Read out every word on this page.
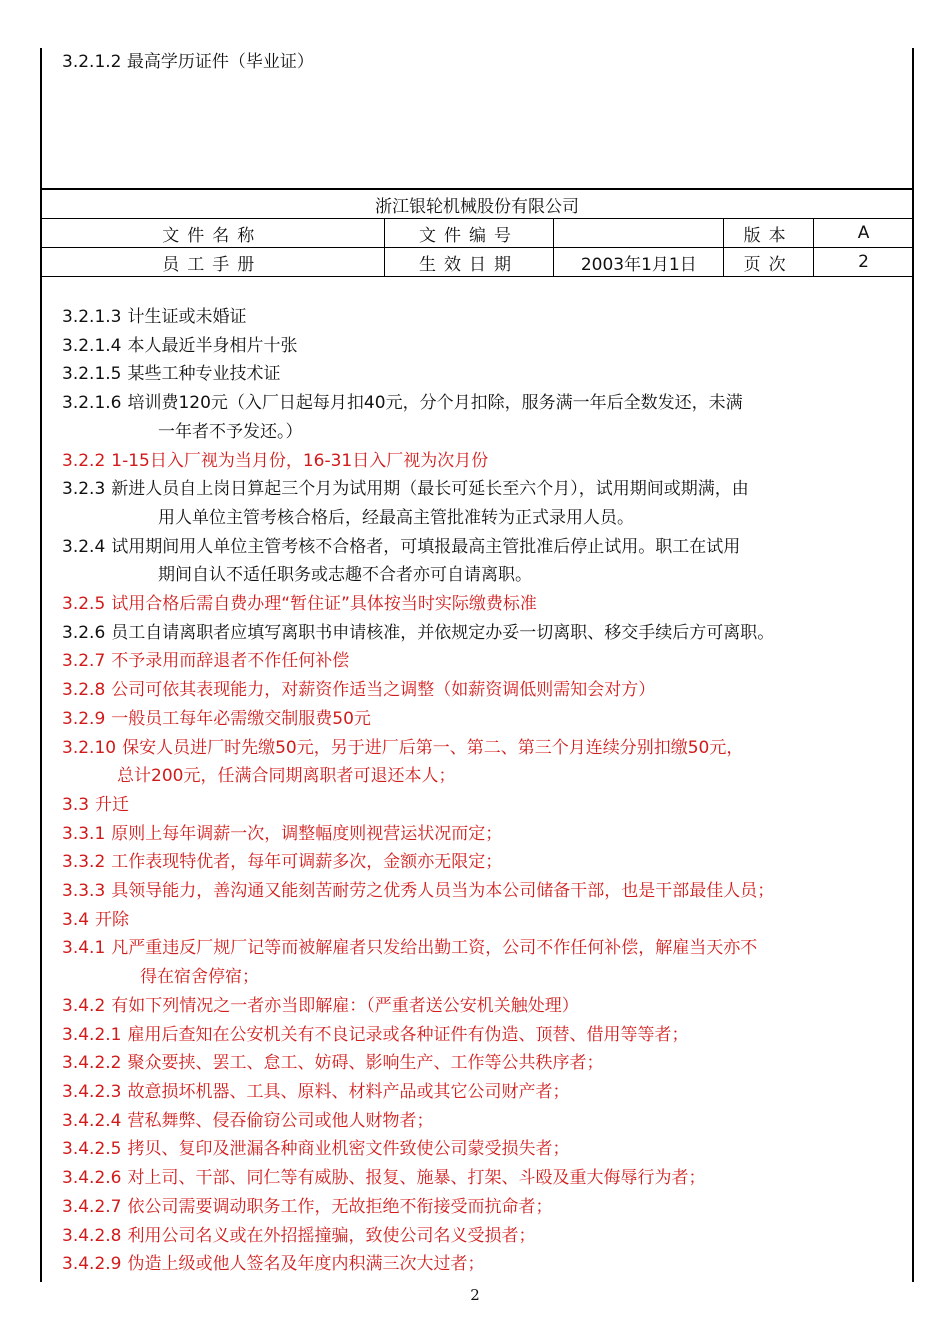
3.2.1.2 最高学历证件（毕业证）
浙江银轮机械股份有限公司				
文件名称	文件编号		版本	A
员工手册	生效日期	2003年1月1日	页次	2
3.2.1.3 计生证或未婚证
3.2.1.4 本人最近半身相片十张
3.2.1.5 某些工种专业技术证
3.2.1.6 培训费120元（入厂日起每月扣40元，分个月扣除，服务满一年后全数发还，未满
一年者不予发还。）
3.2.2 1-15日入厂视为当月份，16-31日入厂视为次月份
3.2.3 新进人员自上岗日算起三个月为试用期（最长可延长至六个月），试用期间或期满，由
用人单位主管考核合格后，经最高主管批准转为正式录用人员。
3.2.4 试用期间用人单位主管考核不合格者，可填报最高主管批准后停止试用。职工在试用
期间自认不适任职务或志趣不合者亦可自请离职。
3.2.5 试用合格后需自费办理“暂住证”具体按当时实际缴费标准
3.2.6 员工自请离职者应填写离职书申请核准，并依规定办妥一切离职、移交手续后方可离职。
3.2.7 不予录用而辞退者不作任何补偿
3.2.8 公司可依其表现能力，对薪资作适当之调整（如薪资调低则需知会对方）
3.2.9 一般员工每年必需缴交制服费50元
3.2.10 保安人员进厂时先缴50元，另于进厂后第一、第二、第三个月连续分别扣缴50元，
总计200元，任满合同期离职者可退还本人；
3.3 升迁
3.3.1 原则上每年调薪一次，调整幅度则视营运状况而定；
3.3.2 工作表现特优者，每年可调薪多次，金额亦无限定；
3.3.3 具领导能力，善沟通又能刻苦耐劳之优秀人员当为本公司储备干部，也是干部最佳人员；
3.4 开除
3.4.1 凡严重违反厂规厂记等而被解雇者只发给出勤工资，公司不作任何补偿，解雇当天亦不
得在宿舍停宿；
3.4.2 有如下列情况之一者亦当即解雇：（严重者送公安机关触处理）
3.4.2.1 雇用后查知在公安机关有不良记录或各种证件有伪造、顶替、借用等等者；
3.4.2.2 聚众要挟、罢工、怠工、妨碍、影响生产、工作等公共秩序者；
3.4.2.3 故意损坏机器、工具、原料、材料产品或其它公司财产者；
3.4.2.4 营私舞弊、侵吞偷窃公司或他人财物者；
3.4.2.5 拷贝、复印及泄漏各种商业机密文件致使公司蒙受损失者；
3.4.2.6 对上司、干部、同仁等有威胁、报复、施暴、打架、斗殴及重大侮辱行为者；
3.4.2.7 依公司需要调动职务工作，无故拒绝不衔接受而抗命者；
3.4.2.8 利用公司名义或在外招摇撞骗，致使公司名义受损者；
3.4.2.9 伪造上级或他人签名及年度内积满三次大过者；
2
